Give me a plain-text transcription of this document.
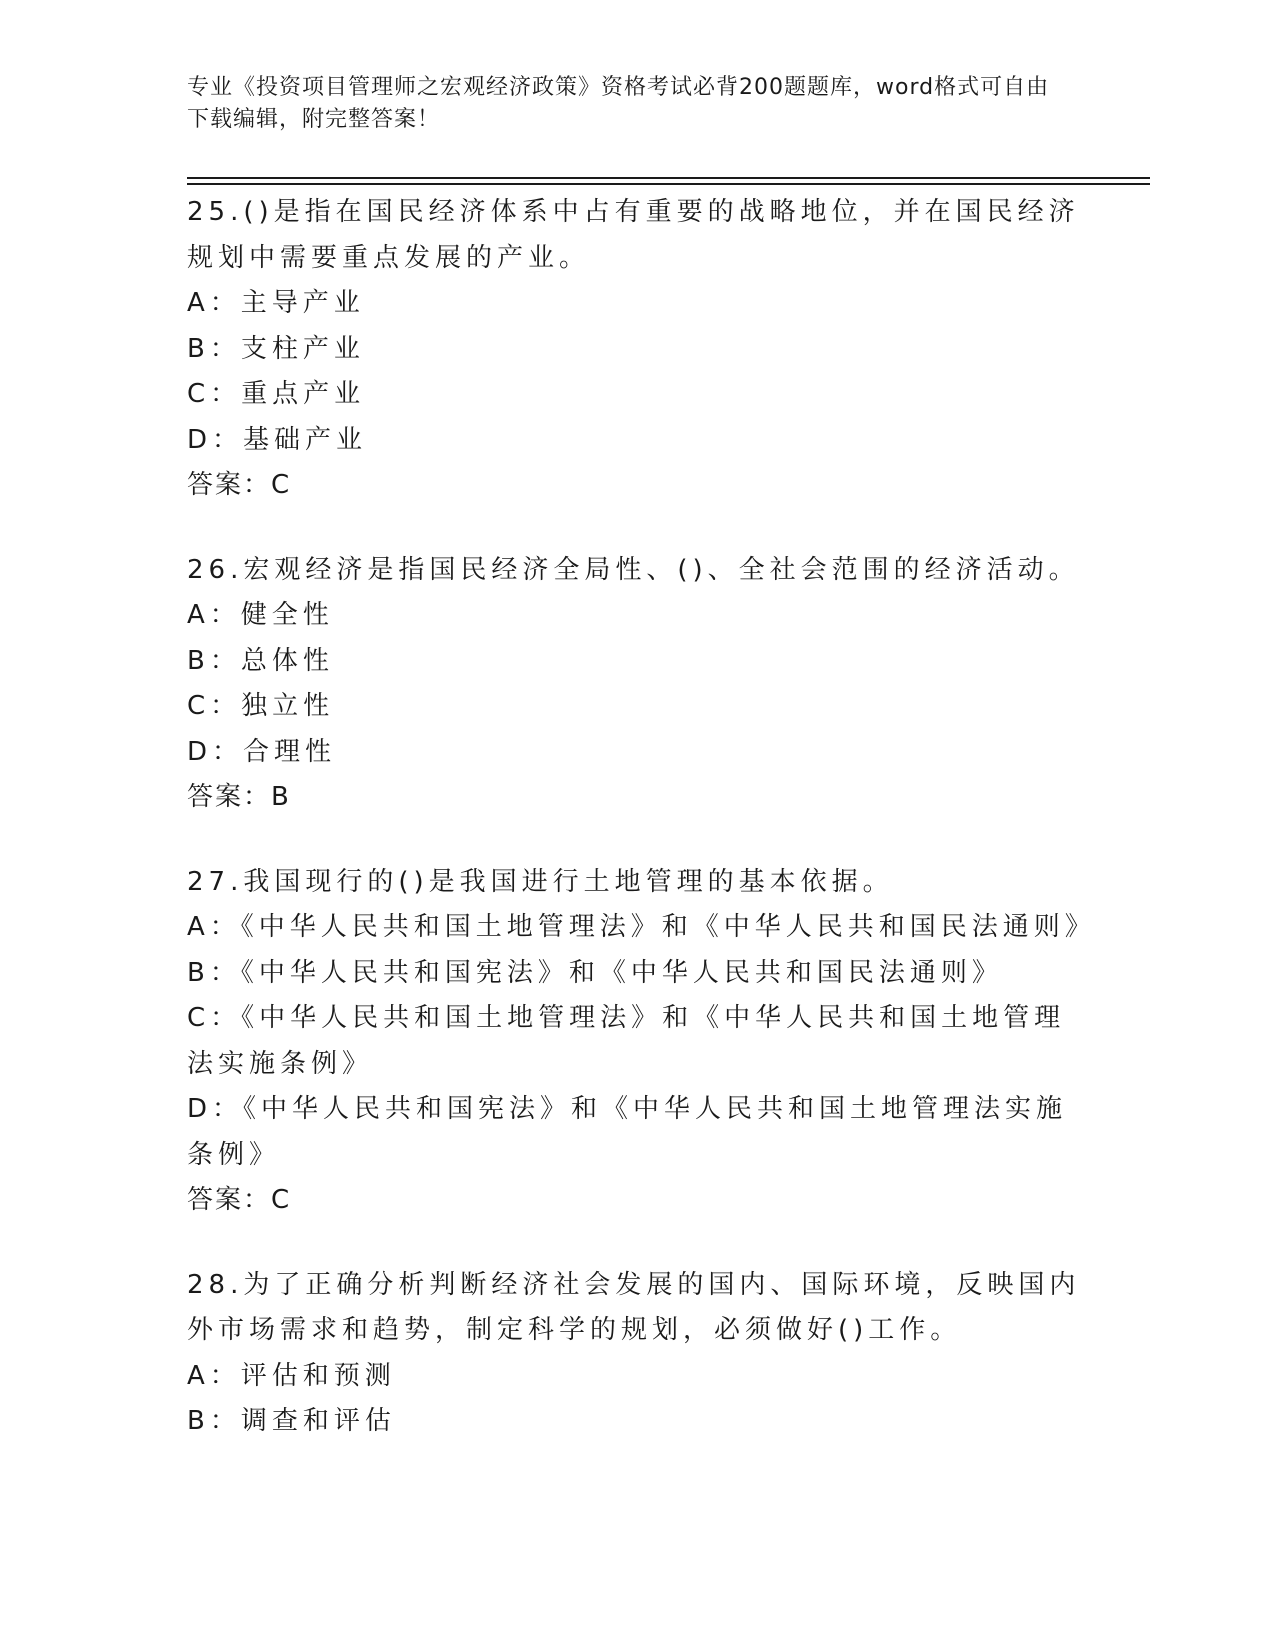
专业《投资项目管理师之宏观经济政策》资格考试必背200题题库，word格式可自由下载编辑，附完整答案！
25.()是指在国民经济体系中占有重要的战略地位，并在国民经济规划中需要重点发展的产业。
A：主导产业
B：支柱产业
C：重点产业
D：基础产业
答案：C
26.宏观经济是指国民经济全局性、()、全社会范围的经济活动。
A：健全性
B：总体性
C：独立性
D：合理性
答案：B
27.我国现行的()是我国进行土地管理的基本依据。
A：《中华人民共和国土地管理法》和《中华人民共和国民法通则》
B：《中华人民共和国宪法》和《中华人民共和国民法通则》
C：《中华人民共和国土地管理法》和《中华人民共和国土地管理法实施条例》
D：《中华人民共和国宪法》和《中华人民共和国土地管理法实施条例》
答案：C
28.为了正确分析判断经济社会发展的国内、国际环境，反映国内外市场需求和趋势，制定科学的规划，必须做好()工作。
A：评估和预测
B：调查和评估
